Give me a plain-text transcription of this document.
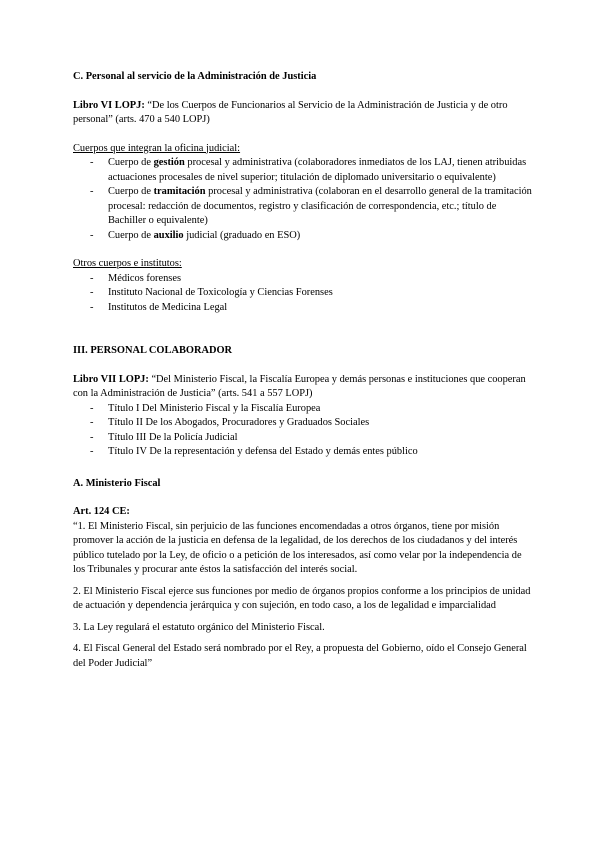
C. Personal al servicio de la Administración de Justicia

Libro VI LOPJ: “De los Cuerpos de Funcionarios al Servicio de la Administración de Justicia y de otro personal” (arts. 470 a 540 LOPJ)

Cuerpos que integran la oficina judicial:

- Cuerpo de gestión procesal y administrativa (colaboradores inmediatos de los LAJ, tienen atribuidas actuaciones procesales de nivel superior; titulación de diplomado universitario o equivalente)
- Cuerpo de tramitación procesal y administrativa (colaboran en el desarrollo general de la tramitación procesal: redacción de documentos, registro y clasificación de correspondencia, etc.; título de Bachiller o equivalente)
- Cuerpo de auxilio judicial (graduado en ESO)

Otros cuerpos e institutos:

- Médicos forenses
- Instituto Nacional de Toxicología y Ciencias Forenses
- Institutos de Medicina Legal

III. PERSONAL COLABORADOR

Libro VII LOPJ: “Del Ministerio Fiscal, la Fiscalía Europea y demás personas e instituciones que cooperan con la Administración de Justicia” (arts. 541 a 557 LOPJ)

- Título I Del Ministerio Fiscal y la Fiscalía Europea
- Título II De los Abogados, Procuradores y Graduados Sociales
- Título III De la Policía Judicial
- Título IV De la representación y defensa del Estado y demás entes público

A. Ministerio Fiscal

Art. 124 CE:

“1. El Ministerio Fiscal, sin perjuicio de las funciones encomendadas a otros órganos, tiene por misión promover la acción de la justicia en defensa de la legalidad, de los derechos de los ciudadanos y del interés público tutelado por la Ley, de oficio o a petición de los interesados, así como velar por la independencia de los Tribunales y procurar ante éstos la satisfacción del interés social.

2. El Ministerio Fiscal ejerce sus funciones por medio de órganos propios conforme a los principios de unidad de actuación y dependencia jerárquica y con sujeción, en todo caso, a los de legalidad e imparcialidad

3. La Ley regulará el estatuto orgánico del Ministerio Fiscal.

4. El Fiscal General del Estado será nombrado por el Rey, a propuesta del Gobierno, oído el Consejo General del Poder Judicial”
